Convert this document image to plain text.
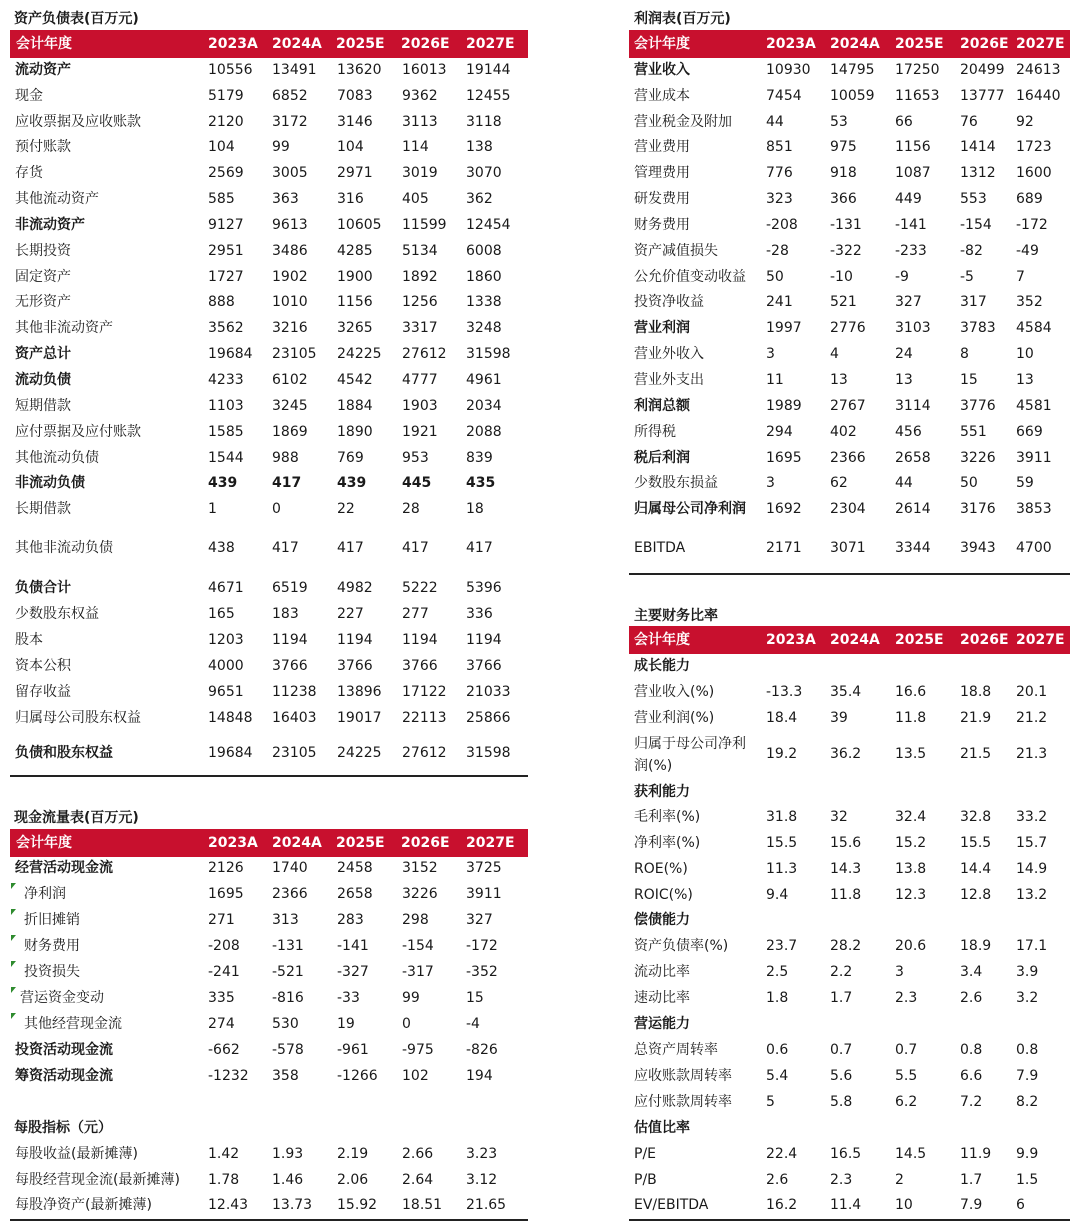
资产负债表(百万元)
会计年度	2023A 2024A 2025E 2026E 2027E
流动资产	10556 13491 13620 16013 19144
现金	5179 6852 7083 9362 12455
应收票据及应收账款	2120 3172 3146 3113 3118
预付账款	104	99	104	114	138
存货	2569 3005 2971 3019 3070
其他流动资产	585	363	316	405	362
非流动资产	9127 9613 10605 11599 12454
长期投资	2951 3486 4285 5134 6008
固定资产	1727 1902 1900 1892 1860
无形资产	888	1010 1156 1256 1338
其他非流动资产	3562 3216 3265 3317 3248
资产总计	19684 23105 24225 27612 31598
流动负债	4233 6102 4542 4777 4961
短期借款	1103 3245 1884 1903 2034
应付票据及应付账款	1585 1869 1890 1921 2088
其他流动负债	1544 988	769	953	839
非流动负债	439 417	439	445 435
长期借款	1	0	22	28	18
其他非流动负债	438	417	417	417	417
负债合计	4671 6519 4982 5222 5396
少数股东权益	165	183	227	277	336
股本	1203 1194 1194 1194 1194
资本公积	4000 3766 3766 3766 3766
留存收益	9651 11238 13896 17122 21033
归属母公司股东权益	14848 16403 19017 22113 25866
负债和股东权益	19684 23105 24225 27612 31598
利润表(百万元)
会计年度	2023A 2024A 2025E 2026E 2027E
营业收入	10930 14795 17250 20499 24613
营业成本	7454 10059 11653 13777 16440
营业税金及附加 44	53	66	76	92
营业费用	851	975	1156 1414 1723
管理费用	776	918	1087 1312 1600
研发费用	323	366	449	553 689
财务费用	-208 -131 -141 -154 -172
资产减值损失	-28	-322 -233 -82 -49
公允价值变动收益 50	-10	-9	-5	7
投资净收益	241	521	327	317 352
营业利润	1997 2776 3103 3783 4584
营业外收入	3	4	24	8	10
营业外支出	11	13	13	15	13
利润总额	1989 2767 3114 3776 4581
所得税	294	402	456	551 669
税后利润	1695 2366 2658 3226 3911
少数股东损益	3	62	44	50	59
归属母公司净利润 1692 2304 2614 3176 3853
EBITDA	2171 3071 3344 3943 4700
主要财务比率
会计年度	2023A 2024A 2025E 2026E 2027E
成长能力
营业收入(%)	-13.3 35.4 16.6 18.8 20.1
营业利润(%)	18.4 39	11.8 21.9 21.2
归属于母公司净利润(%)
19.2 36.2 13.5 21.5 21.3
获利能力
毛利率(%)	31.8 32	32.4 32.8 33.2
净利率(%)	15.5 15.6 15.2 15.5 15.7
ROE(%)	11.3 14.3 13.8 14.4 14.9
ROIC(%)	9.4	11.8 12.3 12.8 13.2
偿债能力
资产负债率(%)	23.7 28.2 20.6 18.9 17.1
流动比率	2.5	2.2	3	3.4 3.9
速动比率	1.8	1.7	2.3	2.6 3.2
营运能力
总资产周转率	0.6	0.7	0.7	0.8 0.8
应收账款周转率 5.4	5.6	5.5	6.6 7.9
应付账款周转率 5	5.8	6.2	7.2 8.2
估值比率
P/E	22.4 16.5 14.5 11.9 9.9
P/B	2.6	2.3	2	1.7 1.5
EV/EBITDA	16.2 11.4 10	7.9 6
现金流量表(百万元)
会计年度	2023A 2024A 2025E 2026E 2027E
经营活动现金流	2126 1740 2458 3152 3725
净利润	1695 2366 2658 3226 3911
折旧摊销	271	313	283	298	327
财务费用	-208 -131 -141 -154 -172
投资损失	-241 -521 -327 -317 -352
营运资金变动	335	-816 -33	99	15
其他经营现金流	274	530	19	0	-4
投资活动现金流	-662 -578 -961 -975 -826
筹资活动现金流	-1232 358	-1266 102	194
每股指标（元）
每股收益(最新摊薄)	1.42 1.93 2.19 2.66 3.23
每股经营现金流(最新摊薄) 1.78 1.46 2.06 2.64 3.12
每股净资产(最新摊薄)	12.43 13.73 15.92 18.51 21.65
